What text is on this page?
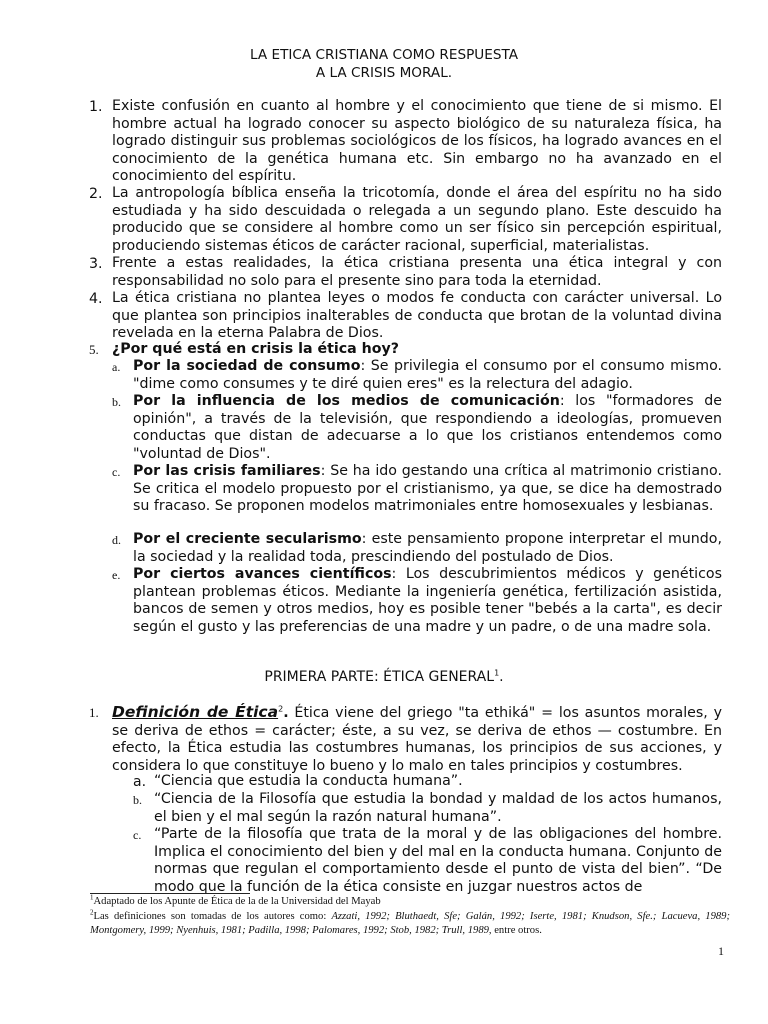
LA ETICA CRISTIANA COMO RESPUESTA
A LA CRISIS MORAL.
1. Existe confusión en cuanto al hombre y el conocimiento que tiene de si mismo. El hombre actual ha logrado conocer su aspecto biológico de su naturaleza física, ha logrado distinguir sus problemas sociológicos de los físicos, ha logrado avances en el conocimiento de la genética humana etc. Sin embargo no ha avanzado en el conocimiento del espíritu.

2. La antropología bíblica enseña la tricotomía, donde el área del espíritu no ha sido estudiada y ha sido descuidada o relegada a un segundo plano. Este descuido ha producido que se considere al hombre como un ser físico sin percepción espiritual, produciendo sistemas éticos de carácter racional, superficial, materialistas.

3. Frente a estas realidades, la ética cristiana presenta una ética integral y con responsabilidad no solo para el presente sino para toda la eternidad.

4. La ética cristiana no plantea leyes o modos fe conducta con carácter universal. Lo que plantea son principios inalterables de conducta que brotan de la voluntad divina revelada en la eterna Palabra de Dios.

5. ¿Por qué está en crisis la ética hoy?
a. Por la sociedad de consumo: Se privilegia el consumo por el consumo mismo. "dime como consumes y te diré quien eres" es la relectura del adagio.

b. Por la influencia de los medios de comunicación: los "formadores de opinión", a través de la televisión, que respondiendo a ideologías, promueven conductas que distan de adecuarse a lo que los cristianos entendemos como "voluntad de Dios".

c. Por las crisis familiares: Se ha ido gestando una crítica al matrimonio cristiano. Se critica el modelo propuesto por el cristianismo, ya que, se dice ha demostrado su fracaso. Se proponen modelos matrimoniales entre homosexuales y lesbianas.

d. Por el creciente secularismo: este pensamiento propone interpretar el mundo, la sociedad y la realidad toda, prescindiendo del postulado de Dios.

e. Por ciertos avances científicos: Los descubrimientos médicos y genéticos plantean problemas éticos. Mediante la ingeniería genética, fertilización asistida, bancos de semen y otros medios, hoy es posible tener "bebés a la carta", es decir según el gusto y las preferencias de una madre y un padre, o de una madre sola.

PRIMERA PARTE: ÉTICA GENERAL$^1$.
1. Definición de Ética$^2$. Ética viene del griego "ta ethiká" = los asuntos morales, y se deriva de ethos = carácter; éste, a su vez, se deriva de ethos — costumbre. En efecto, la Ética estudia las costumbres humanas, los principios de sus acciones, y considera lo que constituye lo bueno y lo malo en tales principios y costumbres.

a. “Ciencia que estudia la conducta humana”.

b. “Ciencia de la Filosofía que estudia la bondad y maldad de los actos humanos, el bien y el mal según la razón natural humana”.

c. “Parte de la filosofía que trata de la moral y de las obligaciones del hombre. Implica el conocimiento del bien y del mal en la conducta humana. Conjunto de normas que regulan el comportamiento desde el punto de vista del bien”. “De modo que la función de la ética consiste en juzgar nuestros actos de

$^1$Adaptado de los Apunte de Ética de la de la Universidad del Mayab
$^2$Las definiciones son tomadas de los autores como: Azzati, 1992; Bluthaedt, Sfe; Galán, 1992; Iserte, 1981; Knudson, Sfe.; Lacueva, 1989; Montgomery, 1999; Nyenhuis, 1981; Padilla, 1998; Palomares, 1992; Stob, 1982; Trull, 1989, entre otros.
1
